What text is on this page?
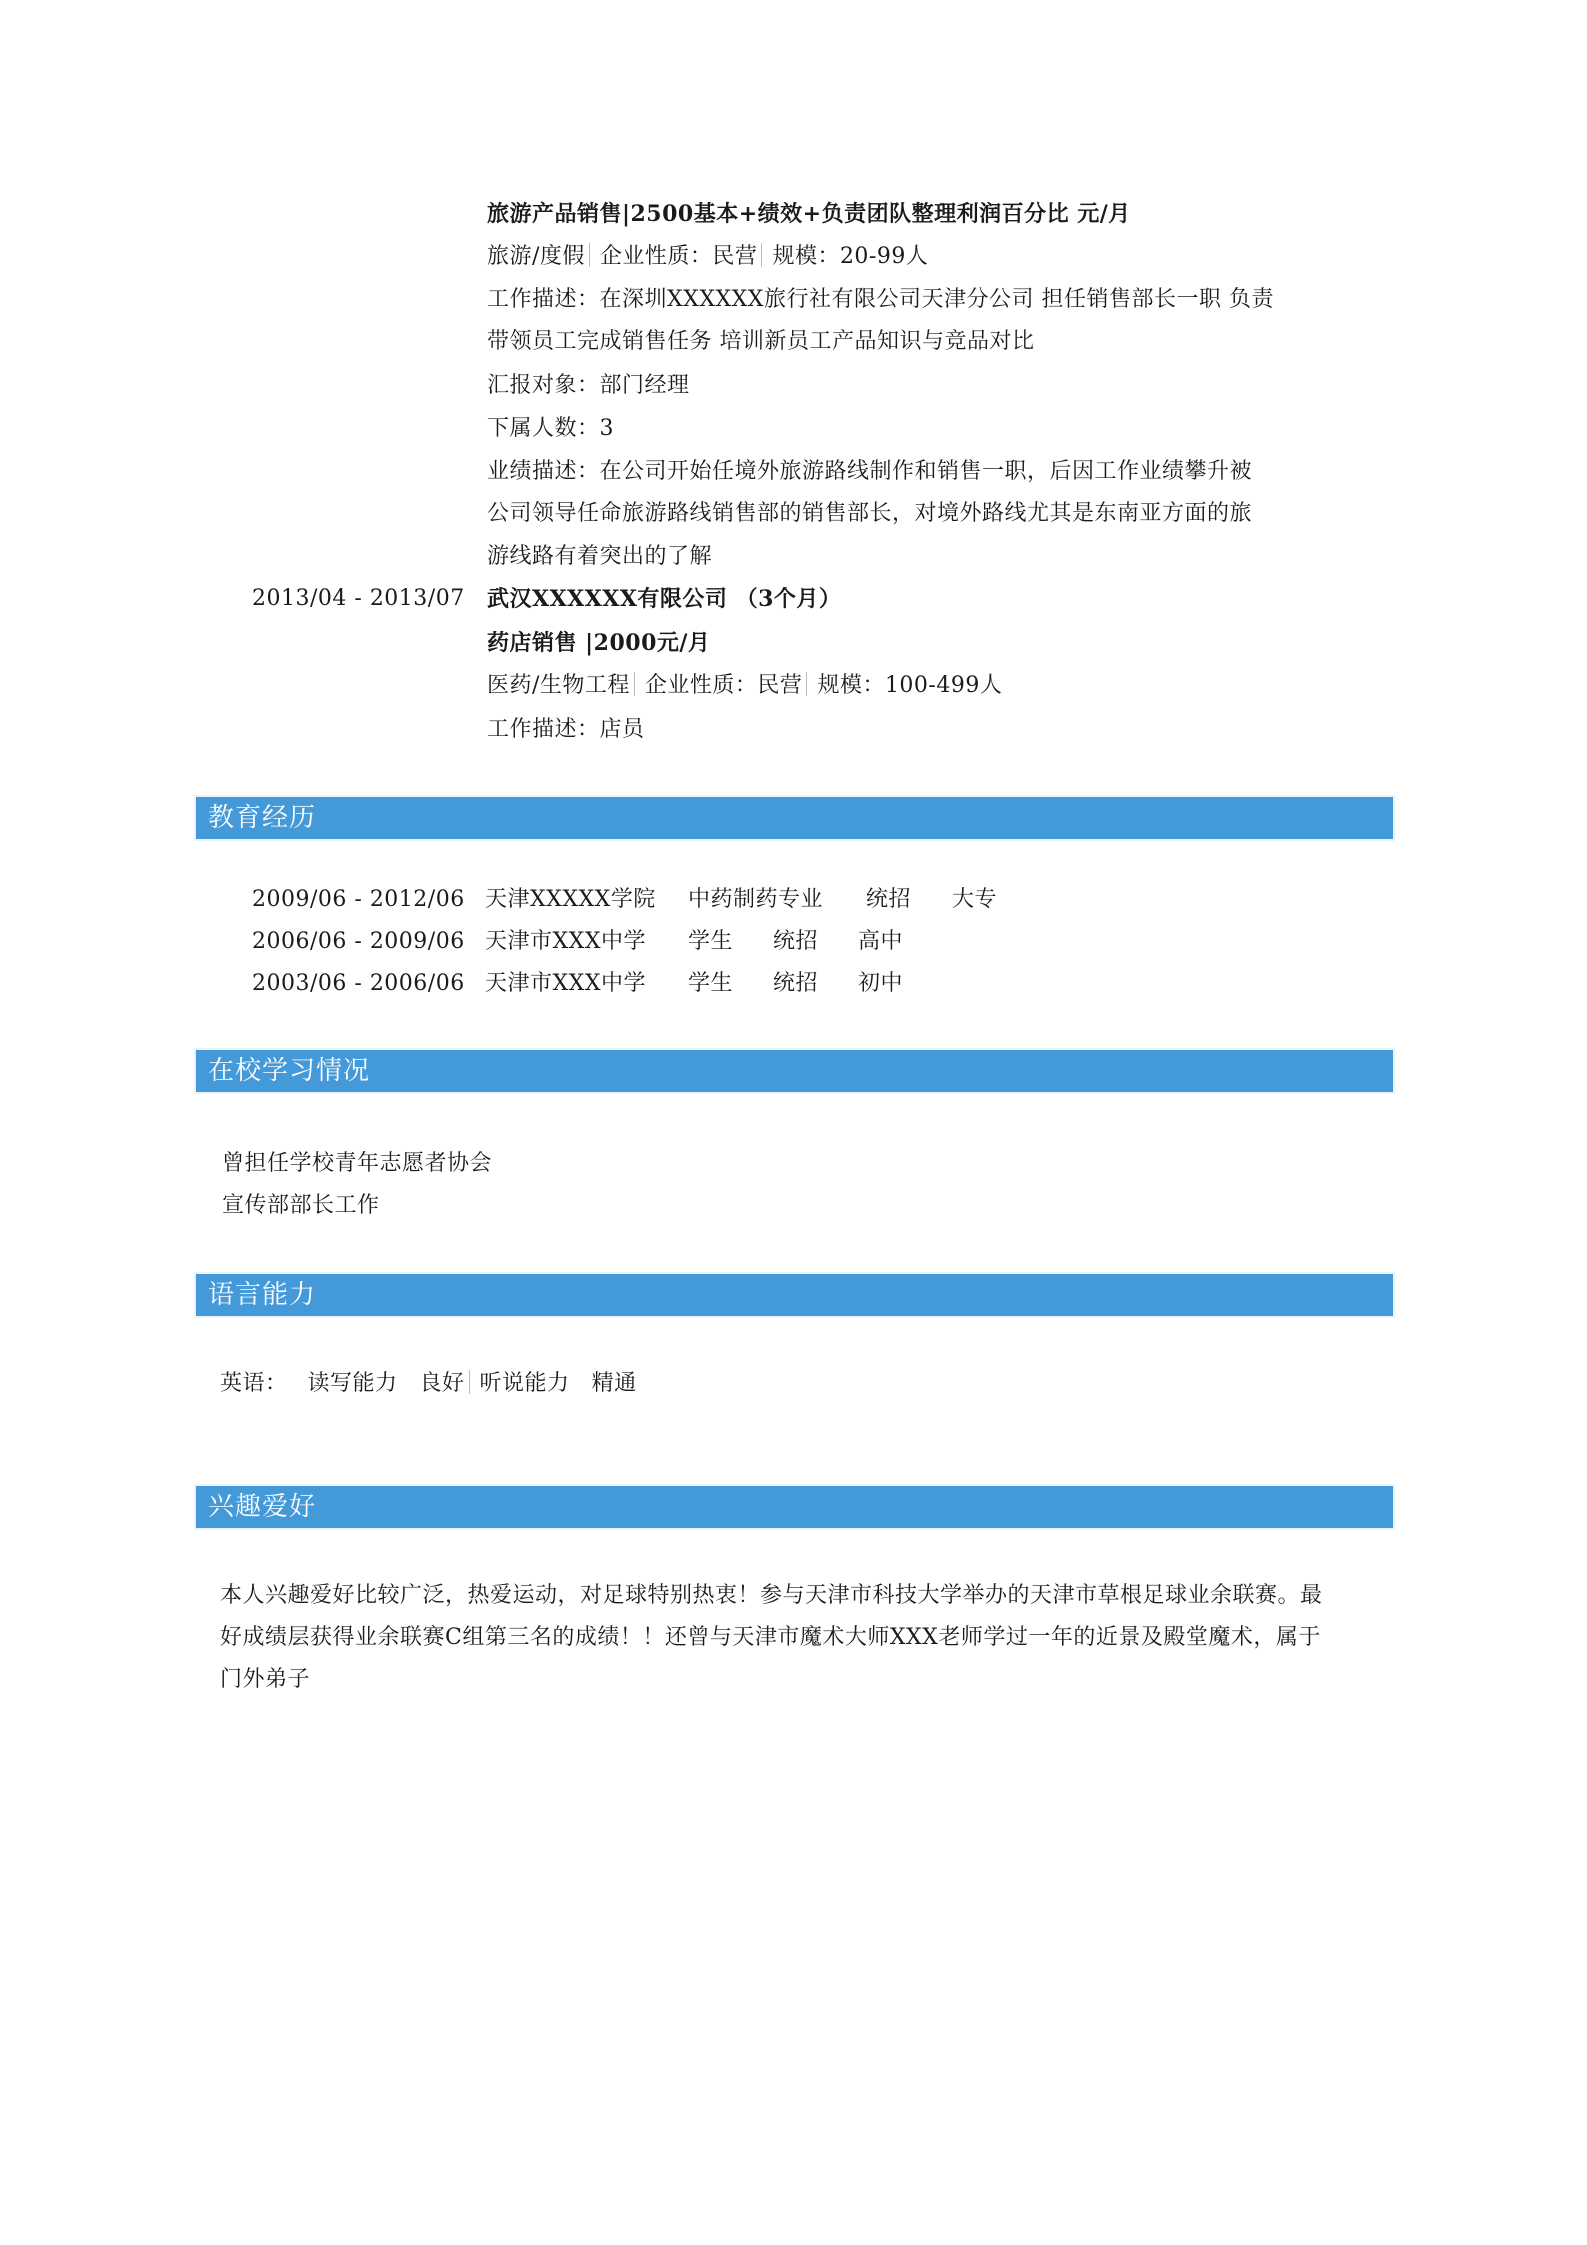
旅游产品销售|2500基本+绩效+负责团队整理利润百分比 元/月
旅游/度假 企业性质：民营 规模：20-99人
工作描述：在深圳XXXXXX旅行社有限公司天津分公司 担任销售部长一职 负责
带领员工完成销售任务 培训新员工产品知识与竞品对比
汇报对象：部门经理
下属人数：3
业绩描述：在公司开始任境外旅游路线制作和销售一职，后因工作业绩攀升被
公司领导任命旅游路线销售部的销售部长，对境外路线尤其是东南亚方面的旅
游线路有着突出的了解
2013/04 - 2013/07 武汉XXXXXX有限公司 （3个月）
药店销售 |2000元/月
医药/生物工程 企业性质：民营 规模：100-499人
工作描述：店员
教育经历
2009/06 - 2012/06 天津XXXXX学院 中药制药专业 统招 大专
2006/06 - 2009/06 天津市XXX中学 学生 统招 高中
2003/06 - 2006/06 天津市XXX中学 学生 统招 初中
在校学习情况
曾担任学校青年志愿者协会
宣传部部长工作
语言能力
英语： 读写能力 良好 听说能力 精通
兴趣爱好
本人兴趣爱好比较广泛，热爱运动，对足球特别热衷！参与天津市科技大学举办的天津市草根足球业余联赛。最
好成绩层获得业余联赛C组第三名的成绩！！还曾与天津市魔术大师XXX老师学过一年的近景及殿堂魔术，属于
门外弟子
